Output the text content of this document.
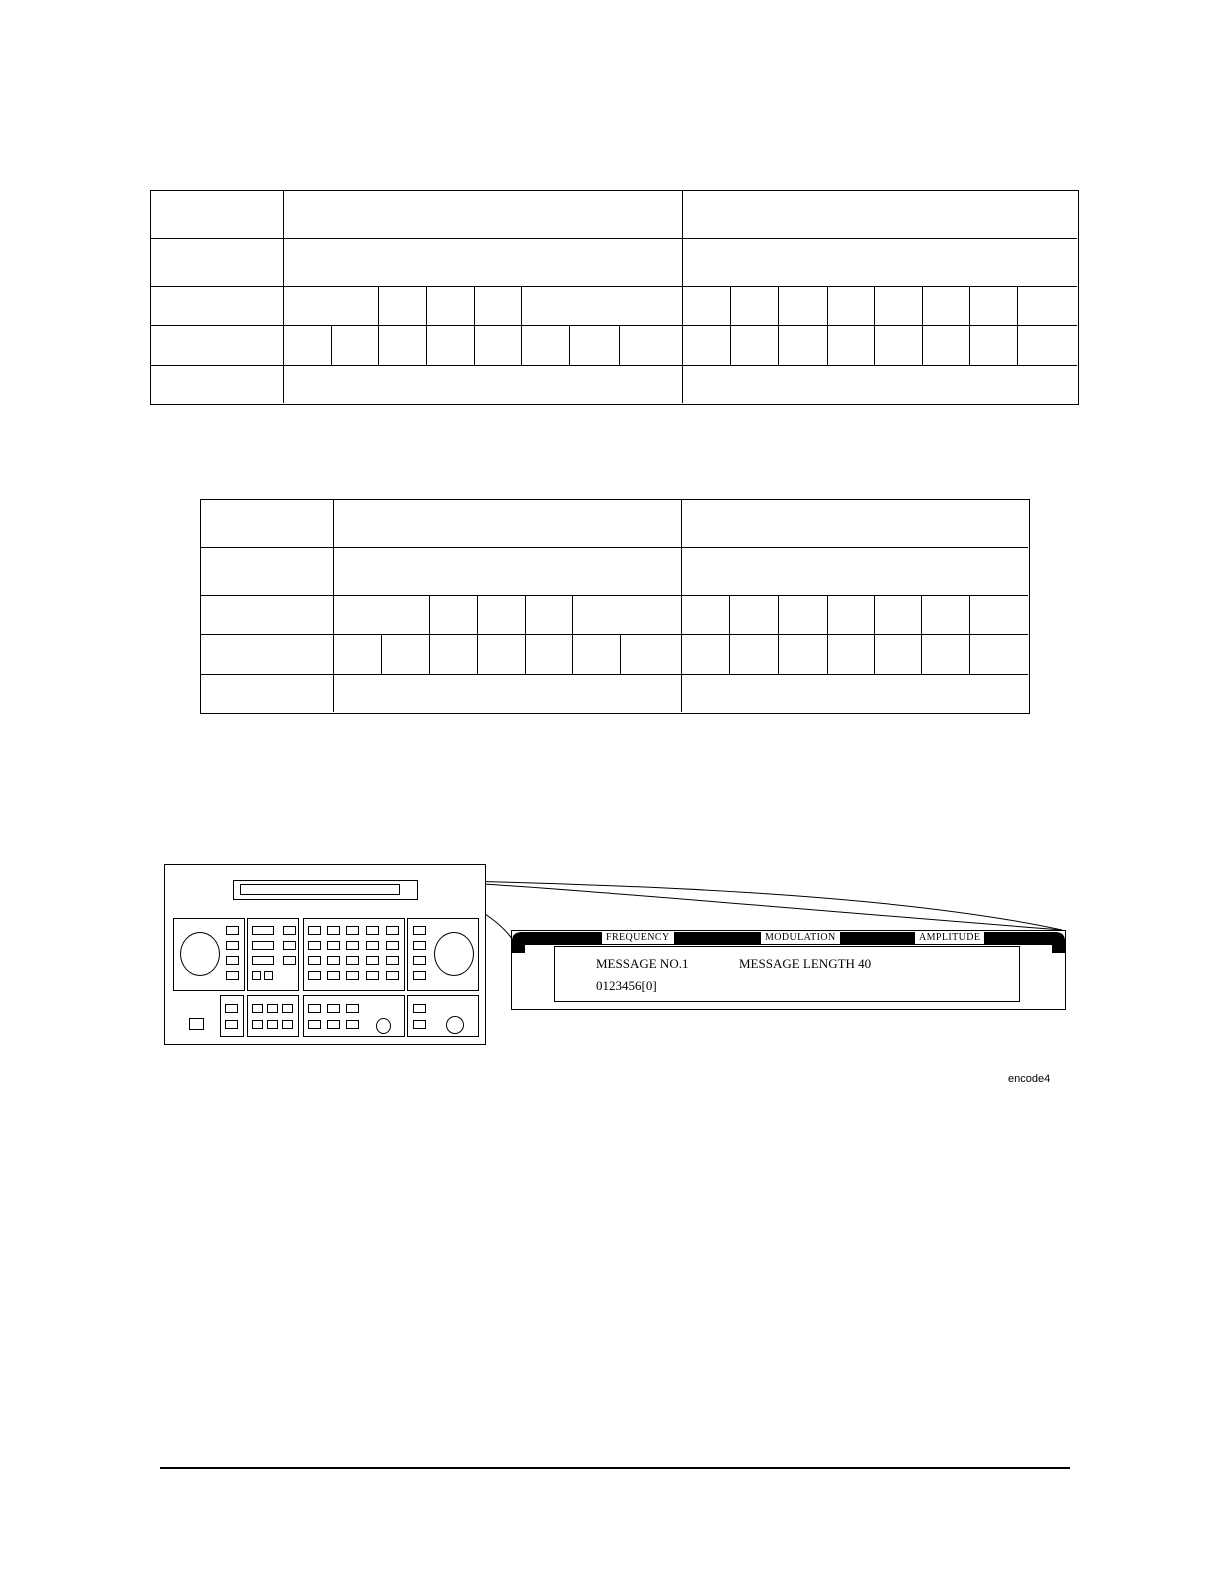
FREQUENCY	MODULATION	AMPLITUDE
MESSAGE NO.1	MESSAGE LENGTH 40
0123456[0]
encode4
